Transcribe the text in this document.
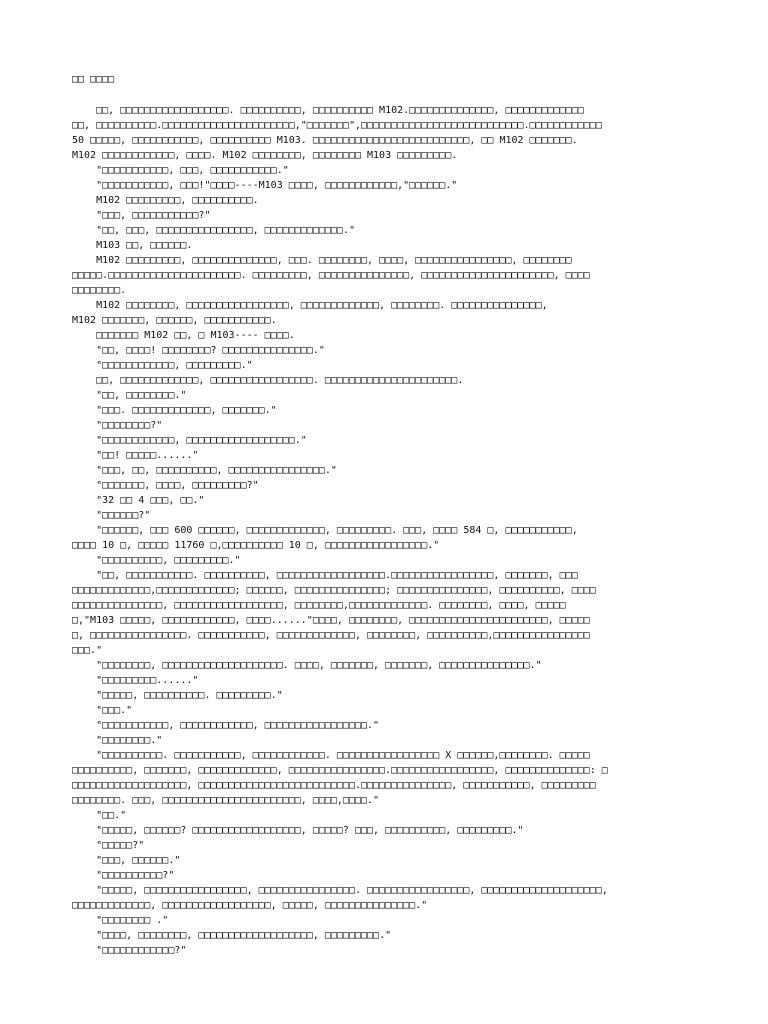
□□ □□□□
□□, □□□□□□□□□□□□□□□□□□. □□□□□□□□□□, □□□□□□□□□□ M102.□□□□□□□□□□□□□□, □□□□□□□□□□□□□
□□, □□□□□□□□□□.□□□□□□□□□□□□□□□□□□□□□□,"□□□□□□□",□□□□□□□□□□□□□□□□□□□□□□□□□□□.□□□□□□□□□□□□
50 □□□□□, □□□□□□□□□□□, □□□□□□□□□□ M103. □□□□□□□□□□□□□□□□□□□□□□□□□□, □□ M102 □□□□□□□.
M102 □□□□□□□□□□□□, □□□□. M102 □□□□□□□□, □□□□□□□□ M103 □□□□□□□□□.
"□□□□□□□□□□□, □□□, □□□□□□□□□□□."
"□□□□□□□□□□□, □□□!"□□□□----M103 □□□□, □□□□□□□□□□□□,"□□□□□□."
M102 □□□□□□□□□, □□□□□□□□□□.
"□□□, □□□□□□□□□□□?"
"□□, □□□, □□□□□□□□□□□□□□□□, □□□□□□□□□□□□□."
M103 □□, □□□□□□.
M102 □□□□□□□□□, □□□□□□□□□□□□□□, □□□. □□□□□□□□, □□□□, □□□□□□□□□□□□□□□□, □□□□□□□□
□□□□□.□□□□□□□□□□□□□□□□□□□□□□. □□□□□□□□□, □□□□□□□□□□□□□□□, □□□□□□□□□□□□□□□□□□□□□□, □□□□
□□□□□□□□.
M102 □□□□□□□□, □□□□□□□□□□□□□□□□□, □□□□□□□□□□□□□, □□□□□□□□. □□□□□□□□□□□□□□□,
M102 □□□□□□□, □□□□□□, □□□□□□□□□□□.
□□□□□□□ M102 □□, □ M103---- □□□□.
"□□, □□□□! □□□□□□□□? □□□□□□□□□□□□□□□."
"□□□□□□□□□□□□, □□□□□□□□□."
□□, □□□□□□□□□□□□□, □□□□□□□□□□□□□□□□□. □□□□□□□□□□□□□□□□□□□□□□.
"□□, □□□□□□□□."
"□□□. □□□□□□□□□□□□□, □□□□□□□."
"□□□□□□□□?"
"□□□□□□□□□□□□, □□□□□□□□□□□□□□□□□□."
"□□! □□□□□......"
"□□□, □□, □□□□□□□□□□, □□□□□□□□□□□□□□□□."
"□□□□□□□, □□□□, □□□□□□□□□?"
"32 □□ 4 □□□, □□."
"□□□□□□?"
"□□□□□□, □□□ 600 □□□□□□, □□□□□□□□□□□□□, □□□□□□□□□. □□□, □□□□ 584 □, □□□□□□□□□□□,
□□□□ 10 □, □□□□□ 11760 □,□□□□□□□□□□ 10 □, □□□□□□□□□□□□□□□□□."
"□□□□□□□□□□, □□□□□□□□□."
"□□, □□□□□□□□□□□. □□□□□□□□□□, □□□□□□□□□□□□□□□□□□.□□□□□□□□□□□□□□□□□, □□□□□□□, □□□
□□□□□□□□□□□□□,□□□□□□□□□□□□□; □□□□□□, □□□□□□□□□□□□□□□; □□□□□□□□□□□□□□□, □□□□□□□□□□, □□□□
□□□□□□□□□□□□□□□, □□□□□□□□□□□□□□□□□□, □□□□□□□□,□□□□□□□□□□□□□. □□□□□□□□, □□□□, □□□□□
□,"M103 □□□□□, □□□□□□□□□□□□, □□□□......"□□□□, □□□□□□□□, □□□□□□□□□□□□□□□□□□□□□□□, □□□□□
□, □□□□□□□□□□□□□□□□. □□□□□□□□□□□, □□□□□□□□□□□□□, □□□□□□□□, □□□□□□□□□□,□□□□□□□□□□□□□□□□
□□□."
"□□□□□□□□, □□□□□□□□□□□□□□□□□□□□. □□□□, □□□□□□□, □□□□□□□, □□□□□□□□□□□□□□□."
"□□□□□□□□□......"
"□□□□□, □□□□□□□□□□. □□□□□□□□□."
"□□□."
"□□□□□□□□□□□, □□□□□□□□□□□□, □□□□□□□□□□□□□□□□□."
"□□□□□□□□."
"□□□□□□□□□□. □□□□□□□□□□□, □□□□□□□□□□□□. □□□□□□□□□□□□□□□□□ X □□□□□□,□□□□□□□□. □□□□□
□□□□□□□□□□, □□□□□□□, □□□□□□□□□□□□□, □□□□□□□□□□□□□□□□.□□□□□□□□□□□□□□□□□, □□□□□□□□□□□□□□: □
□□□□□□□□□□□□□□□□□□□, □□□□□□□□□□□□□□□□□□□□□□□□□□.□□□□□□□□□□□□□□□, □□□□□□□□□□□, □□□□□□□□□
□□□□□□□□. □□□, □□□□□□□□□□□□□□□□□□□□□□□, □□□□,□□□□."
"□□."
"□□□□□, □□□□□□? □□□□□□□□□□□□□□□□□□, □□□□□? □□□, □□□□□□□□□□, □□□□□□□□□."
"□□□□□?"
"□□□, □□□□□□."
"□□□□□□□□□□?"
"□□□□□, □□□□□□□□□□□□□□□□□, □□□□□□□□□□□□□□□□. □□□□□□□□□□□□□□□□□, □□□□□□□□□□□□□□□□□□□□,
□□□□□□□□□□□□□, □□□□□□□□□□□□□□□□□□, □□□□□, □□□□□□□□□□□□□□□."
"□□□□□□□□ ."
"□□□□, □□□□□□□□, □□□□□□□□□□□□□□□□□□□, □□□□□□□□□."
"□□□□□□□□□□□□?"
